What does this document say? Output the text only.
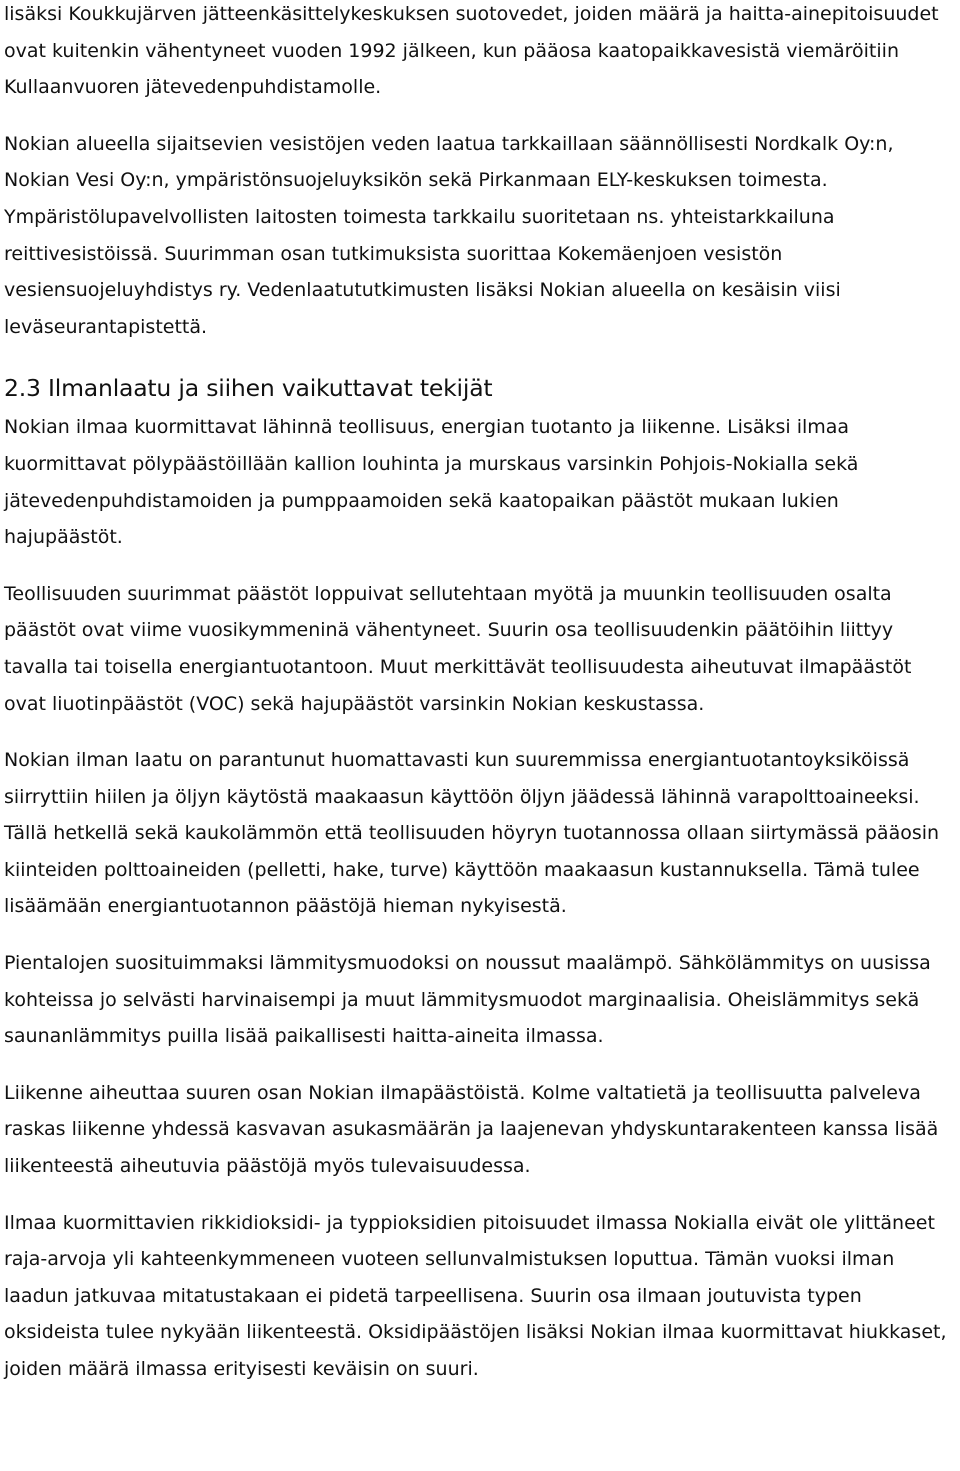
lisäksi Koukkujärven jätteenkäsittelykeskuksen suotovedet, joiden määrä ja haitta-ainepitoisuudet ovat kuitenkin vähentyneet vuoden 1992 jälkeen, kun pääosa kaatopaikkavesistä viemäröitiin Kullaanvuoren jätevedenpuhdistamolle.

Nokian alueella sijaitsevien vesistöjen veden laatua tarkkaillaan säännöllisesti Nordkalk Oy:n, Nokian Vesi Oy:n, ympäristönsuojeluyksikön sekä Pirkanmaan ELY-keskuksen toimesta. Ympäristölupavelvollisten laitosten toimesta tarkkailu suoritetaan ns. yhteistarkkailuna reittivesistöissä. Suurimman osan tutkimuksista suorittaa Kokemäenjoen vesistön vesiensuojeluyhdistys ry. Vedenlaatututkimusten lisäksi Nokian alueella on kesäisin viisi leväseurantapistettä.

2.3 Ilmanlaatu ja siihen vaikuttavat tekijät

Nokian ilmaa kuormittavat lähinnä teollisuus, energian tuotanto ja liikenne. Lisäksi ilmaa kuormittavat pölypäästöillään kallion louhinta ja murskaus varsinkin Pohjois-Nokialla sekä jätevedenpuhdistamoiden ja pumppaamoiden sekä kaatopaikan päästöt mukaan lukien hajupäästöt.

Teollisuuden suurimmat päästöt loppuivat sellutehtaan myötä ja muunkin teollisuuden osalta päästöt ovat viime vuosikymmeninä vähentyneet. Suurin osa teollisuudenkin päätöihin liittyy tavalla tai toisella energiantuotantoon. Muut merkittävät teollisuudesta aiheutuvat ilmapäästöt ovat liuotinpäästöt (VOC) sekä hajupäästöt varsinkin Nokian keskustassa.

Nokian ilman laatu on parantunut huomattavasti kun suuremmissa energiantuotantoyksiköissä siirryttiin hiilen ja öljyn käytöstä maakaasun käyttöön öljyn jäädessä lähinnä varapolttoaineeksi. Tällä hetkellä sekä kaukolämmön että teollisuuden höyryn tuotannossa ollaan siirtymässä pääosin kiinteiden polttoaineiden (pelletti, hake, turve) käyttöön maakaasun kustannuksella. Tämä tulee lisäämään energiantuotannon päästöjä hieman nykyisestä.

Pientalojen suosituimmaksi lämmitysmuodoksi on noussut maalämpö. Sähkölämmitys on uusissa kohteissa jo selvästi harvinaisempi ja muut lämmitysmuodot marginaalisia. Oheislämmitys sekä saunanlämmitys puilla lisää paikallisesti haitta-aineita ilmassa.

Liikenne aiheuttaa suuren osan Nokian ilmapäästöistä. Kolme valtatietä ja teollisuutta palveleva raskas liikenne yhdessä kasvavan asukasmäärän ja laajenevan yhdyskuntarakenteen kanssa lisää liikenteestä aiheutuvia päästöjä myös tulevaisuudessa.

Ilmaa kuormittavien rikkidioksidi- ja typpioksidien pitoisuudet ilmassa Nokialla eivät ole ylittäneet raja-arvoja yli kahteenkymmeneen vuoteen sellunvalmistuksen loputtua. Tämän vuoksi ilman laadun jatkuvaa mitatustakaan ei pidetä tarpeellisena. Suurin osa ilmaan joutuvista typen oksideista tulee nykyään liikenteestä. Oksidipäästöjen lisäksi Nokian ilmaa kuormittavat hiukkaset, joiden määrä ilmassa erityisesti keväisin on suuri.
